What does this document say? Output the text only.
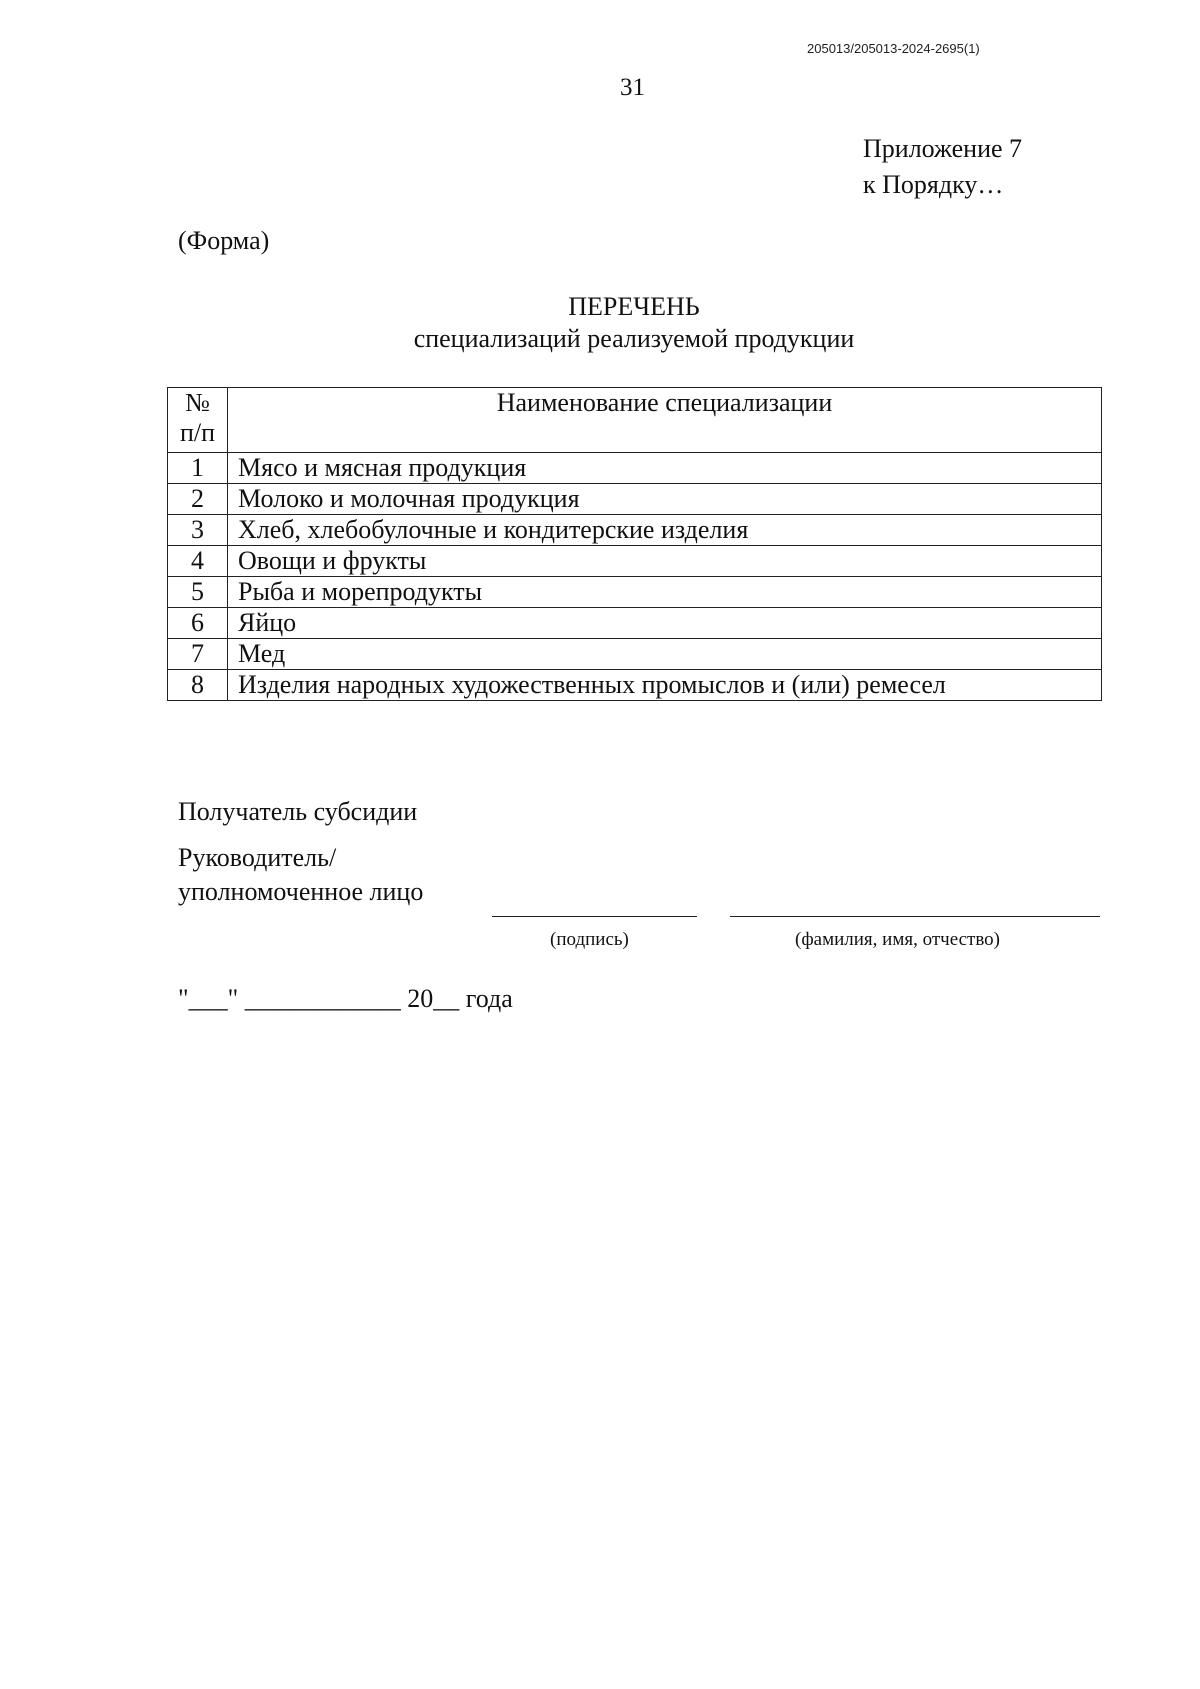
205013/205013-2024-2695(1)
31
Приложение 7
к Порядку…
(Форма)
ПЕРЕЧЕНЬ
специализаций реализуемой продукции
№
п/п	Наименование специализации
1	Мясо и мясная продукция
2	Молоко и молочная продукция
3	Хлеб, хлебобулочные и кондитерские изделия
4	Овощи и фрукты
5	Рыба и морепродукты
6	Яйцо
7	Мед
8	Изделия народных художественных промыслов и (или) ремесел
Получатель субсидии
Руководитель/
уполномоченное лицо
(подпись)	(фамилия, имя, отчество)
"___" ____________ 20__ года
